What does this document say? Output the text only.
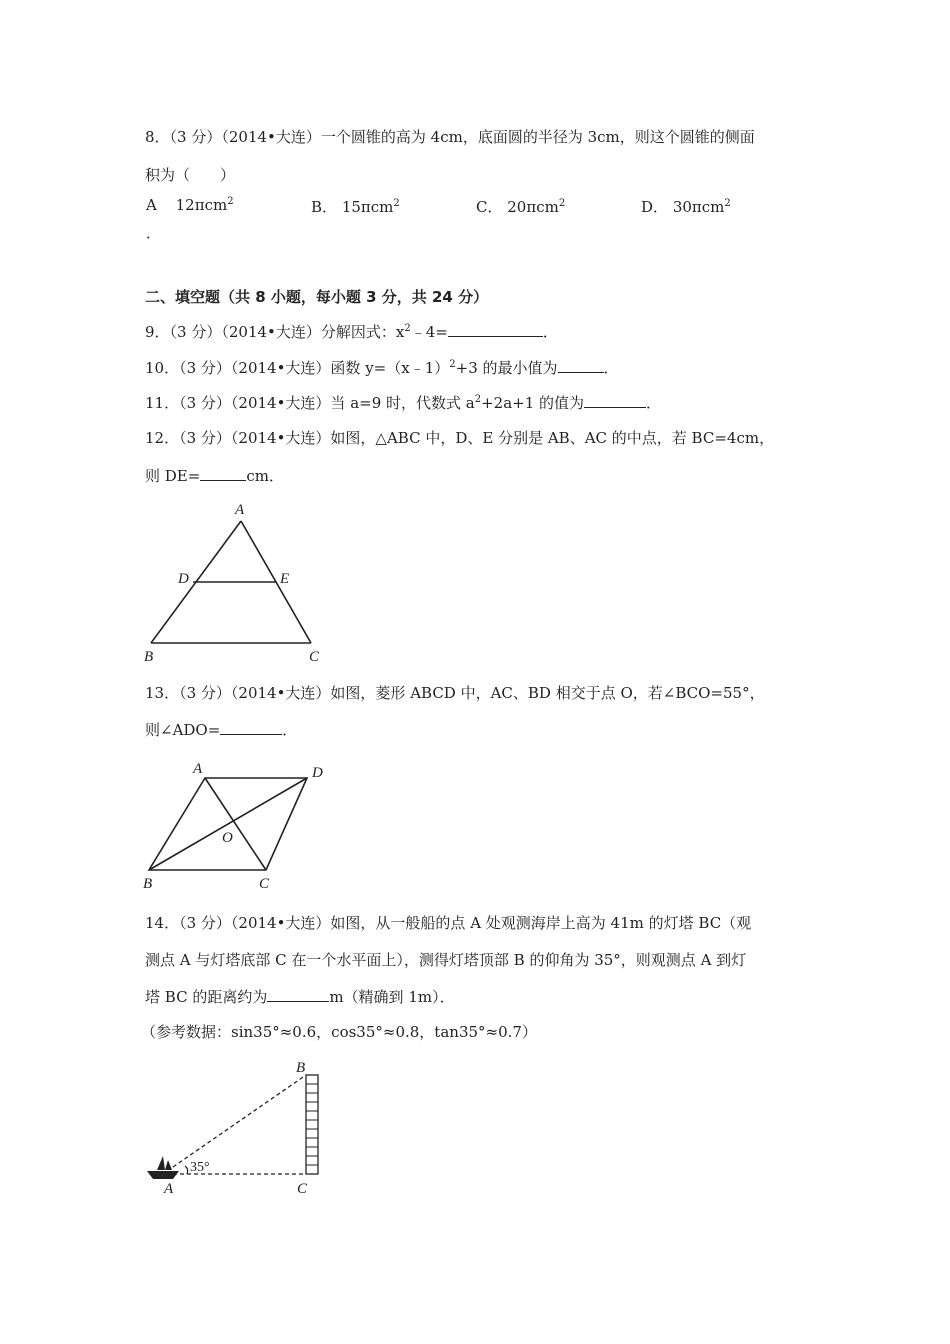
8．（3 分）（2014•大连）一个圆锥的高为 4cm，底面圆的半径为 3cm，则这个圆锥的侧面
积为（　　）
A 12πcm$^2$	B． 15πcm$^2$	C． 20πcm$^2$	D． 30πcm$^2$
．
二、填空题（共 8 小题，每小题 3 分，共 24 分）
9．（3 分）（2014•大连）分解因式：$x^2﹣4=$	．
10．（3 分）（2014•大连）函数 y=（x﹣1）$^2$+3 的最小值为	．
11．（3 分）（2014•大连）当 a=9 时，代数式 $a^2+2a+1$ 的值为	．
12．（3 分）（2014•大连）如图，△ABC 中，D、E 分别是 AB、AC 的中点，若 BC=4cm，
则 DE=	cm．
A
D	E
B	C
13．（3 分）（2014•大连）如图，菱形 ABCD 中，AC、BD 相交于点 O，若∠BCO=55°，
则∠ADO=	．
A	D
O
B	C
14．（3 分）（2014•大连）如图，从一般船的点 A 处观测海岸上高为 41m 的灯塔 BC（观
测点 A 与灯塔底部 C 在一个水平面上），测得灯塔顶部 B 的仰角为 35°，则观测点 A 到灯
塔 BC 的距离约为	m（精确到 1m）．
（参考数据：sin35°≈0.6，cos35°≈0.8，tan35°≈0.7）
35°
B
A	C
